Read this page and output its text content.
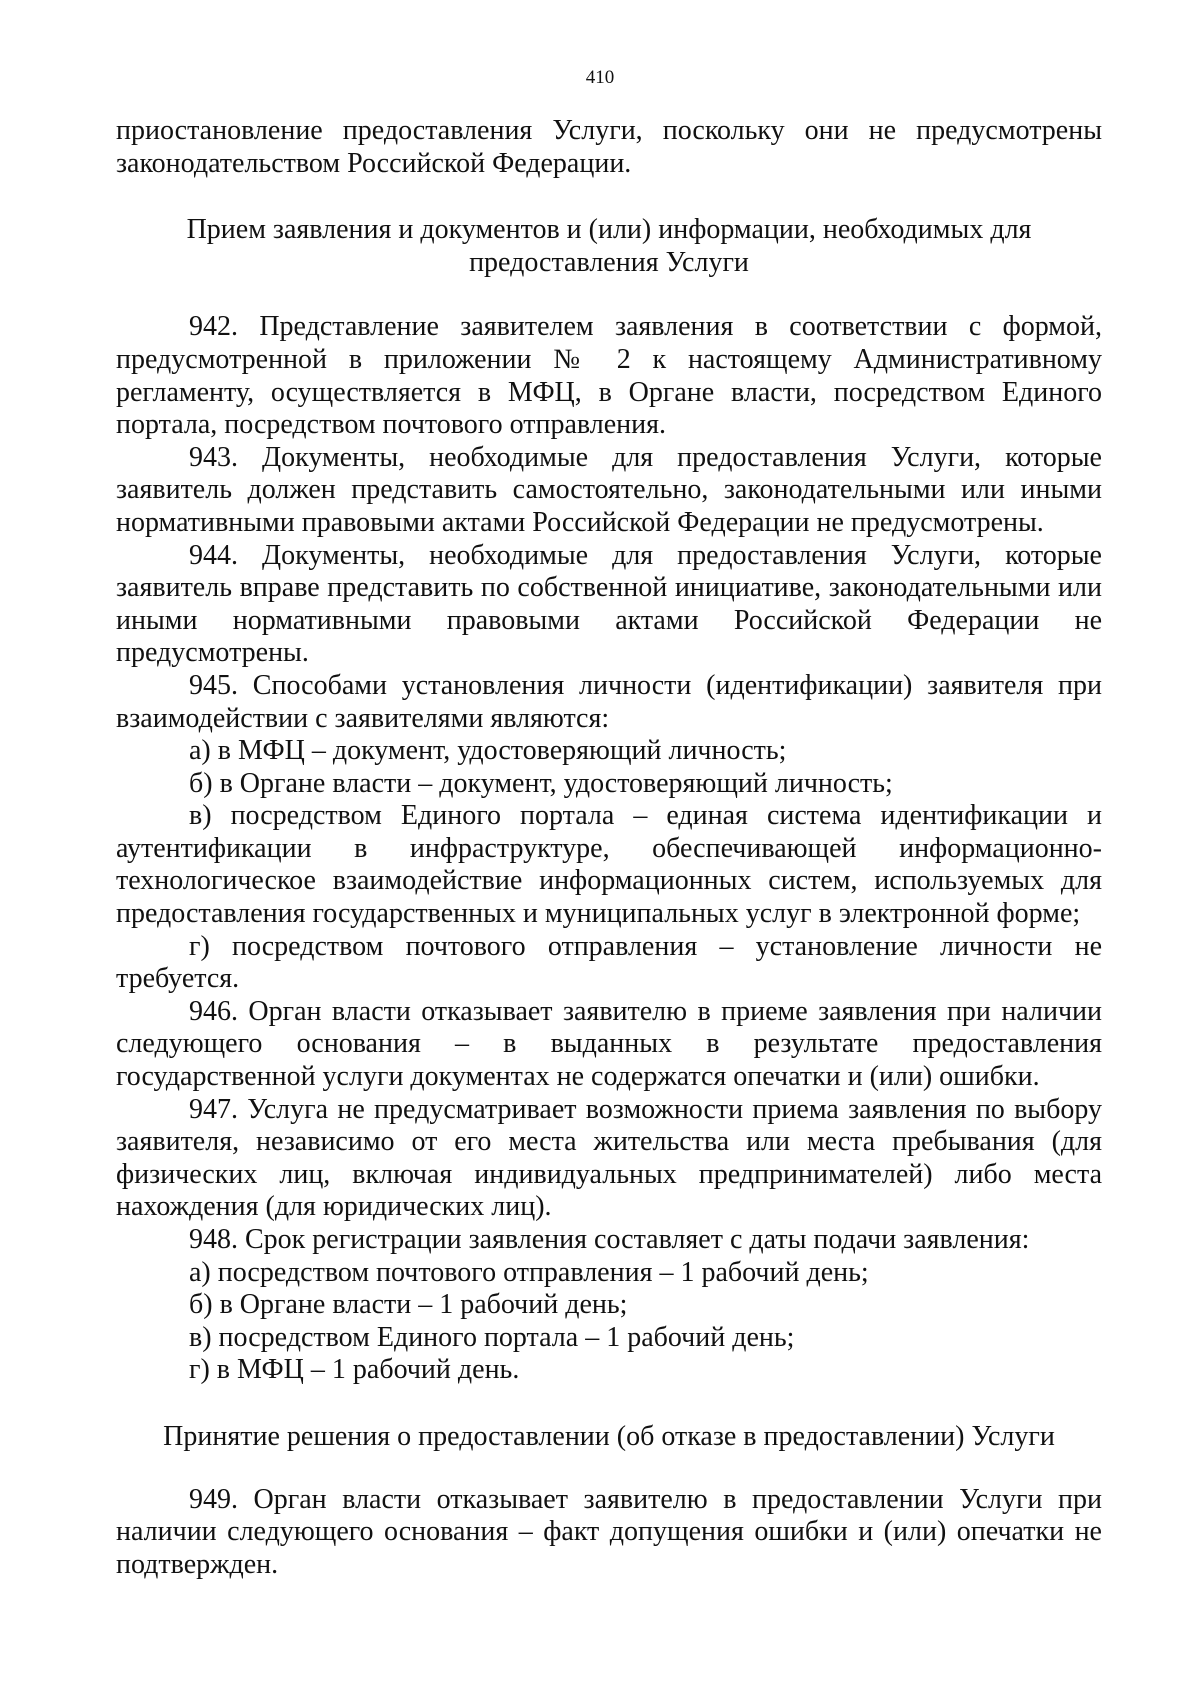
410

приостановление предоставления Услуги, поскольку они не предусмотрены законодательством Российской Федерации.

Прием заявления и документов и (или) информации, необходимых для предоставления Услуги

942. Представление заявителем заявления в соответствии с формой, предусмотренной в приложении № 2 к настоящему Административному регламенту, осуществляется в МФЦ, в Органе власти, посредством Единого портала, посредством почтового отправления.

943. Документы, необходимые для предоставления Услуги, которые заявитель должен представить самостоятельно, законодательными или иными нормативными правовыми актами Российской Федерации не предусмотрены.

944. Документы, необходимые для предоставления Услуги, которые заявитель вправе представить по собственной инициативе, законодательными или иными нормативными правовыми актами Российской Федерации не предусмотрены.

945. Способами установления личности (идентификации) заявителя при взаимодействии с заявителями являются:

а) в МФЦ – документ, удостоверяющий личность;

б) в Органе власти – документ, удостоверяющий личность;

в) посредством Единого портала – единая система идентификации и аутентификации в инфраструктуре, обеспечивающей информационно-технологическое взаимодействие информационных систем, используемых для предоставления государственных и муниципальных услуг в электронной форме;

г) посредством почтового отправления – установление личности не требуется.

946. Орган власти отказывает заявителю в приеме заявления при наличии следующего основания – в выданных в результате предоставления государственной услуги документах не содержатся опечатки и (или) ошибки.

947. Услуга не предусматривает возможности приема заявления по выбору заявителя, независимо от его места жительства или места пребывания (для физических лиц, включая индивидуальных предпринимателей) либо места нахождения (для юридических лиц).

948. Срок регистрации заявления составляет с даты подачи заявления:

а) посредством почтового отправления – 1 рабочий день;

б) в Органе власти – 1 рабочий день;

в) посредством Единого портала – 1 рабочий день;

г) в МФЦ – 1 рабочий день.

Принятие решения о предоставлении (об отказе в предоставлении) Услуги

949. Орган власти отказывает заявителю в предоставлении Услуги при наличии следующего основания – факт допущения ошибки и (или) опечатки не подтвержден.
